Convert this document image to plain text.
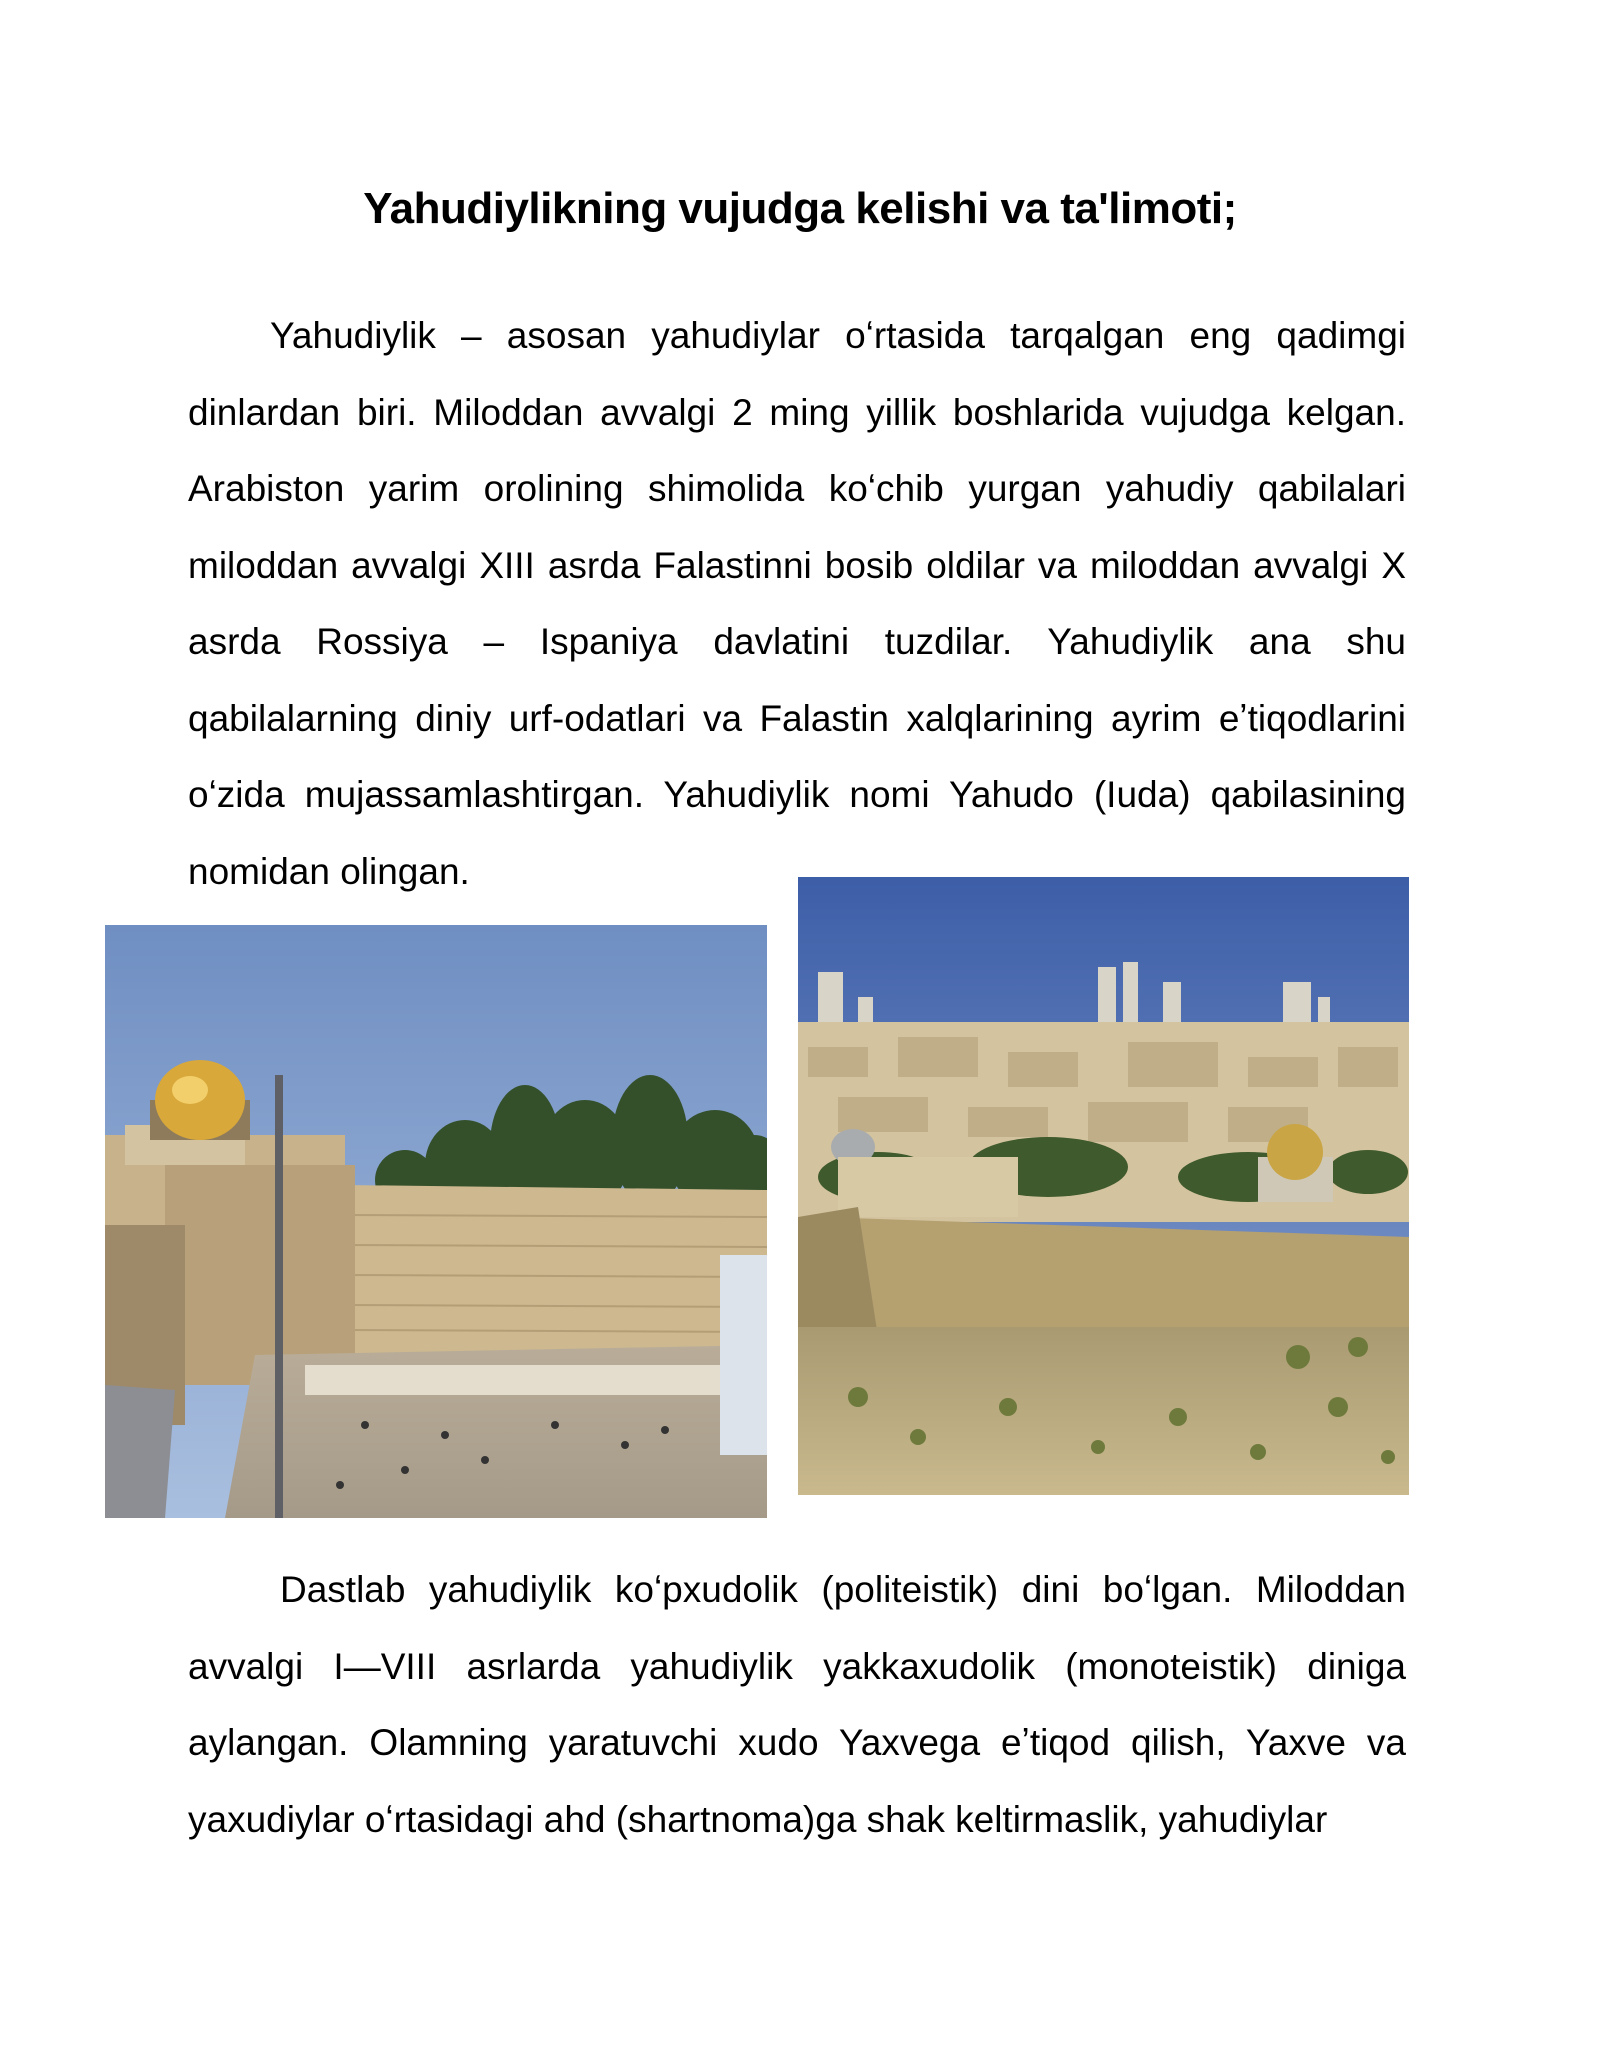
Yahudiylikning vujudga kelishi va ta'limoti;

Yahudiylik – asosan yahudiylar oʻrtasida tarqalgan eng qadimgi dinlardan biri. Miloddan avvalgi 2 ming yillik boshlarida vujudga kelgan. Arabiston yarim orolining shimolida koʻchib yurgan yahudiy qabilalari miloddan avvalgi XIII asrda Falastinni bosib oldilar va miloddan avvalgi X asrda Rossiya – Ispaniya davlatini tuzdilar. Yahudiylik ana shu qabilalarning diniy urf-odatlari va Falastin xalqlarining ayrim eʼtiqodlarini oʻzida mujassamlashtirgan. Yahudiylik nomi Yahudo (Iuda) qabilasining nomidan olingan.

Dastlab yahudiylik koʻpxudolik (politeistik) dini boʻlgan. Miloddan avvalgi I—VIII asrlarda yahudiylik yakkaxudolik (monoteistik) diniga aylangan. Olamning yaratuvchi xudo Yaxvega eʼtiqod qilish, Yaxve va yaxudiylar oʻrtasidagi ahd (shartnoma)ga shak keltirmaslik, yahudiylar
